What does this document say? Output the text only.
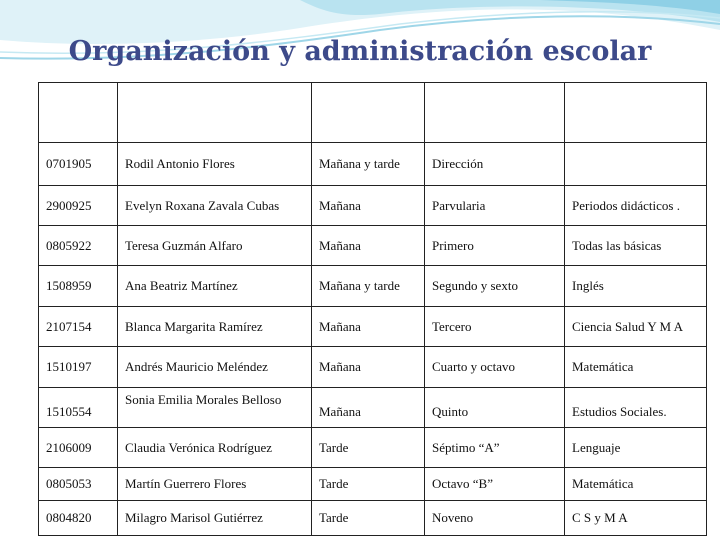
Organización y administración escolar
NIP	NOMBRE DEL DOCENTE	JORNADA QUE ATIENDE	GRADO QUE ATIENDE	ASIGNATURA QUE IMPARTE
0701905	Rodil Antonio Flores	Mañana y tarde	Dirección	
2900925	Evelyn Roxana Zavala Cubas	Mañana	Parvularia	Periodos didácticos .
0805922	Teresa Guzmán Alfaro	Mañana	Primero	Todas las básicas
1508959	Ana Beatriz Martínez	Mañana y tarde	Segundo y sexto	Inglés
2107154	Blanca Margarita Ramírez	Mañana	Tercero	Ciencia Salud Y M A
1510197	Andrés Mauricio Meléndez	Mañana	Cuarto y octavo	Matemática
1510554	Sonia Emilia Morales Belloso	Mañana	Quinto	Estudios Sociales.
2106009	Claudia Verónica Rodríguez	Tarde	Séptimo “A”	Lenguaje
0805053	Martín Guerrero Flores	Tarde	Octavo “B”	Matemática
0804820	Milagro Marisol Gutiérrez	Tarde	Noveno	C S y M A
